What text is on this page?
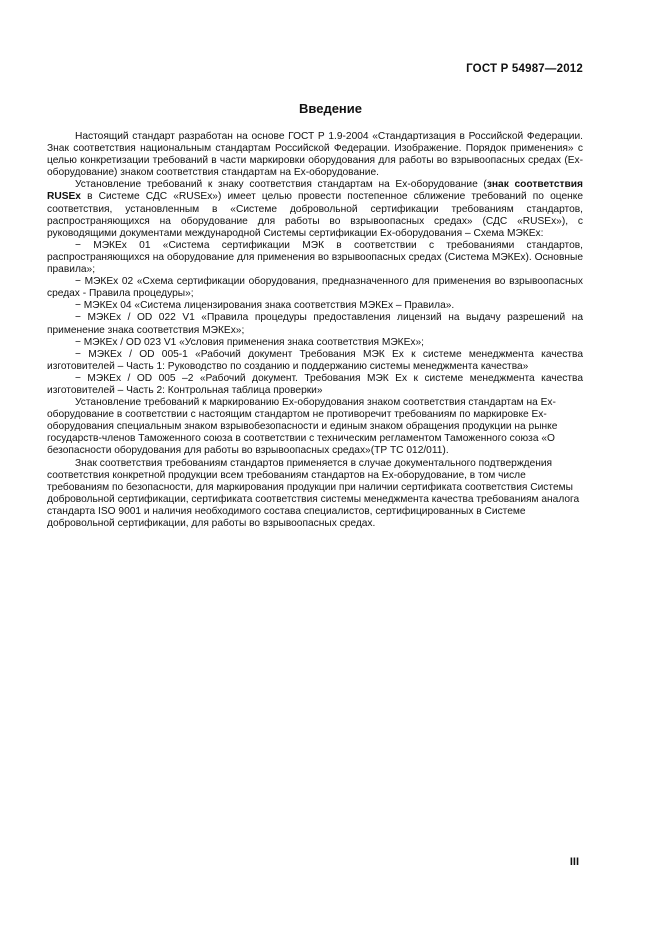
ГОСТ Р 54987—2012
Введение

Настоящий стандарт разработан на основе ГОСТ Р 1.9-2004 «Стандартизация в Российской Федерации. Знак соответствия национальным стандартам Российской Федерации. Изображение. Порядок применения» с целью конкретизации требований в части маркировки оборудования для работы во взрывоопасных средах (Ex-оборудование) знаком соответствия стандартам на Ex-оборудование.

Установление требований к знаку соответствия стандартам на Ex-оборудование (знак соответствия RUSEx в Системе СДС «RUSEx») имеет целью провести постепенное сближение требований по оценке соответствия, установленным в «Системе добровольной сертификации требованиям стандартов, распространяющихся на оборудование для работы во взрывоопасных средах» (СДС «RUSEx»), с руководящими документами международной Системы сертификации Ex-оборудования – Схема МЭКЕх:

− МЭКЕх 01 «Система сертификации МЭК в соответствии с требованиями стандартов, распространяющихся на оборудование для применения во взрывоопасных средах (Система МЭКЕх). Основные правила»;

− МЭКЕх 02 «Схема сертификации оборудования, предназначенного для применения во взрывоопасных средах - Правила процедуры»;

− МЭКЕх 04 «Система лицензирования знака соответствия МЭКЕх – Правила».

− МЭКЕх / OD 022 V1 «Правила процедуры предоставления лицензий на выдачу разрешений на применение знака соответствия МЭКЕх»;

− МЭКЕх / OD 023 V1 «Условия применения знака соответствия МЭКЕх»;

− МЭКЕх / OD 005-1 «Рабочий документ Требования МЭК Ех к системе менеджмента качества изготовителей – Часть 1: Руководство по созданию и поддержанию системы менеджмента качества»

− МЭКЕх / OD 005 –2 «Рабочий документ. Требования МЭК Ех к системе менеджмента качества изготовителей – Часть 2: Контрольная таблица проверки»

Установление требований к маркированию Ex-оборудования знаком соответствия стандартам на Ex-оборудование в соответствии с настоящим стандартом не противоречит требованиям по маркировке Ex-оборудования специальным знаком взрывобезопасности и единым знаком обращения продукции на рынке государств-членов Таможенного союза в соответствии с техническим регламентом Таможенного союза «О безопасности оборудования для работы во взрывоопасных средах»(ТР ТС 012/011).

Знак соответствия требованиям стандартов применяется в случае документального подтверждения соответствия конкретной продукции всем требованиям стандартов на Ex-оборудование, в том числе требованиям по безопасности, для маркирования продукции при наличии сертификата соответствия Системы добровольной сертификации, сертификата соответствия системы менеджмента качества требованиям аналога стандарта ISO 9001 и наличия необходимого состава специалистов, сертифицированных в Системе добровольной сертификации, для работы во взрывоопасных средах.

III
